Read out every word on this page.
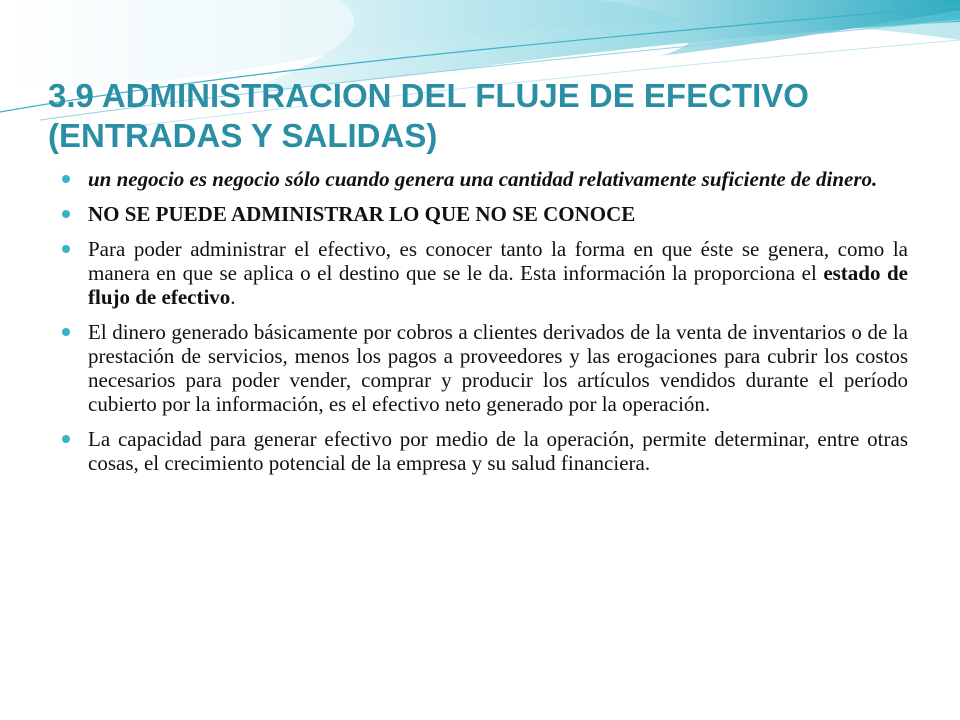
3.9 ADMINISTRACION DEL FLUJE DE EFECTIVO
(ENTRADAS Y SALIDAS)
un negocio es negocio sólo cuando genera una cantidad relativamente suficiente de dinero.
NO SE PUEDE ADMINISTRAR LO QUE NO SE CONOCE
Para poder administrar el efectivo, es conocer tanto la forma en que éste se genera, como la manera en que se aplica o el destino que se le da. Esta información la proporciona el estado de flujo de efectivo.
El dinero generado básicamente por cobros a clientes derivados de la venta de inventarios o de la prestación de servicios, menos los pagos a proveedores y las erogaciones para cubrir los costos necesarios para poder vender, comprar y producir los artículos vendidos durante el período cubierto por la información, es el efectivo neto generado por la operación.
La capacidad para generar efectivo por medio de la operación, permite determinar, entre otras cosas, el crecimiento potencial de la empresa y su salud financiera.
